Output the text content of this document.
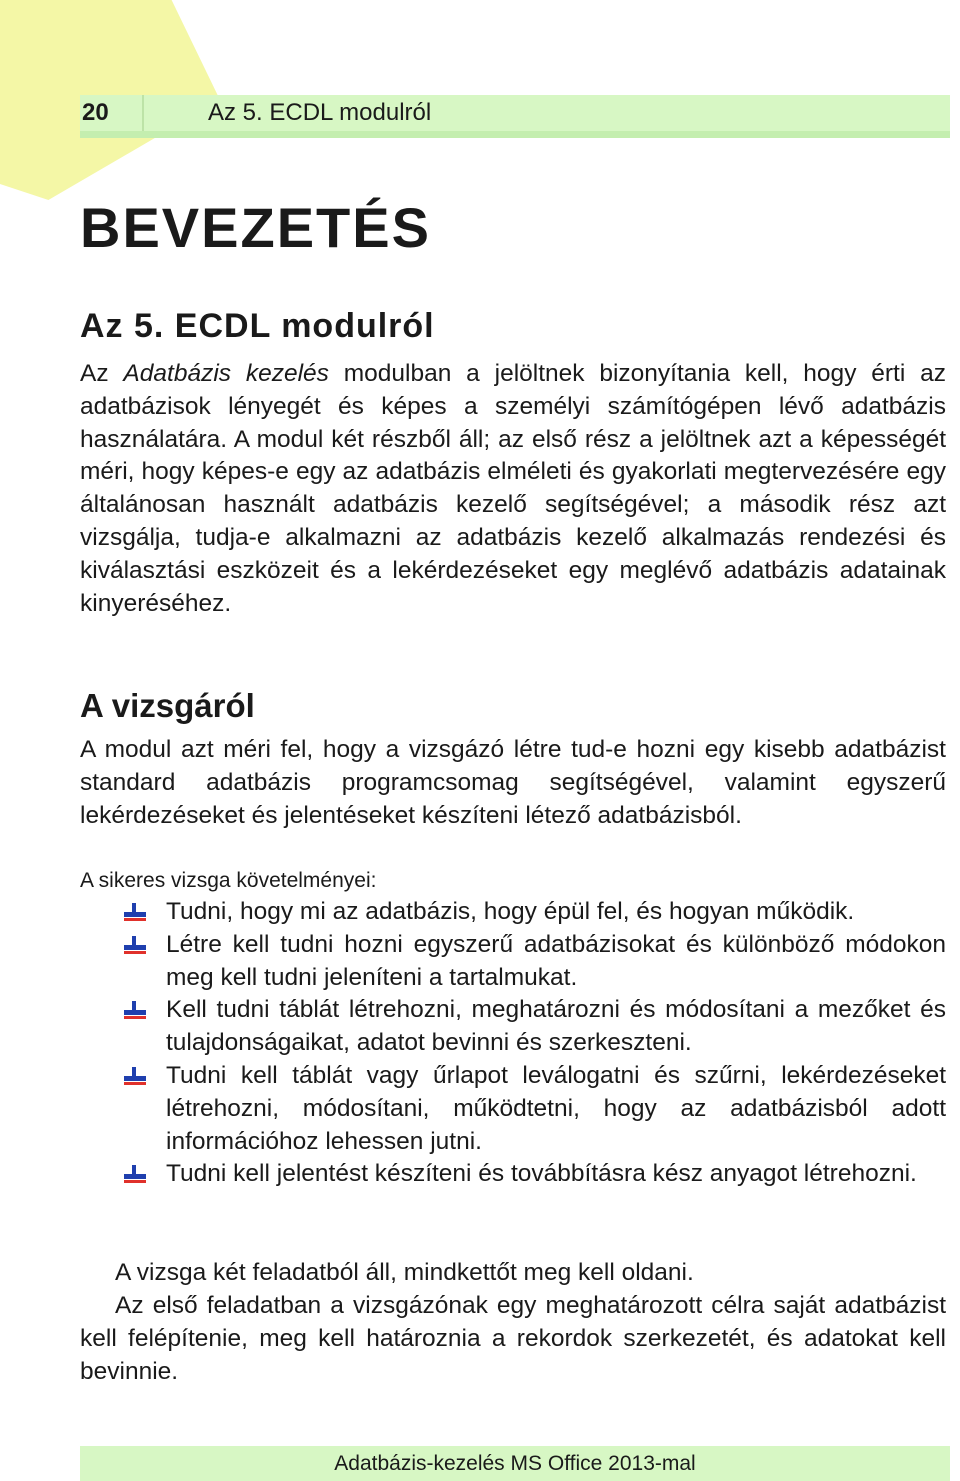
20	Az 5. ECDL modulról
BEVEZETÉS
Az 5. ECDL modulról

Az Adatbázis kezelés modulban a jelöltnek bizonyítania kell, hogy érti az adatbázisok lényegét és képes a személyi számítógépen lévő adatbázis használatára. A modul két részből áll; az első rész a jelöltnek azt a képességét méri, hogy képes-e egy az adatbázis elméleti és gyakorlati megtervezésére egy általánosan használt adatbázis kezelő segítségével; a második rész azt vizsgálja, tudja-e alkalmazni az adatbázis kezelő alkalmazás rendezési és kiválasztási eszközeit és a lekérdezéseket egy meglévő adatbázis adatainak kinyeréséhez.

A vizsgáról

A modul azt méri fel, hogy a vizsgázó létre tud-e hozni egy kisebb adatbázist standard adatbázis programcsomag segítségével, valamint egyszerű lekérdezéseket és jelentéseket készíteni létező adatbázisból.

A sikeres vizsga követelményei:

Tudni, hogy mi az adatbázis, hogy épül fel, és hogyan működik.
Létre kell tudni hozni egyszerű adatbázisokat és különböző módokon meg kell tudni jeleníteni a tartalmukat.
Kell tudni táblát létrehozni, meghatározni és módosítani a mezőket és tulajdonságaikat, adatot bevinni és szerkeszteni.
Tudni kell táblát vagy űrlapot leválogatni és szűrni, lekérdezéseket létrehozni, módosítani, működtetni, hogy az adatbázisból adott információhoz lehessen jutni.
Tudni kell jelentést készíteni és továbbításra kész anyagot létrehozni.

A vizsga két feladatból áll, mindkettőt meg kell oldani.

Az első feladatban a vizsgázónak egy meghatározott célra saját adatbázist kell felépítenie, meg kell határoznia a rekordok szerkezetét, és adatokat kell bevinnie.

Adatbázis-kezelés MS Office 2013-mal
